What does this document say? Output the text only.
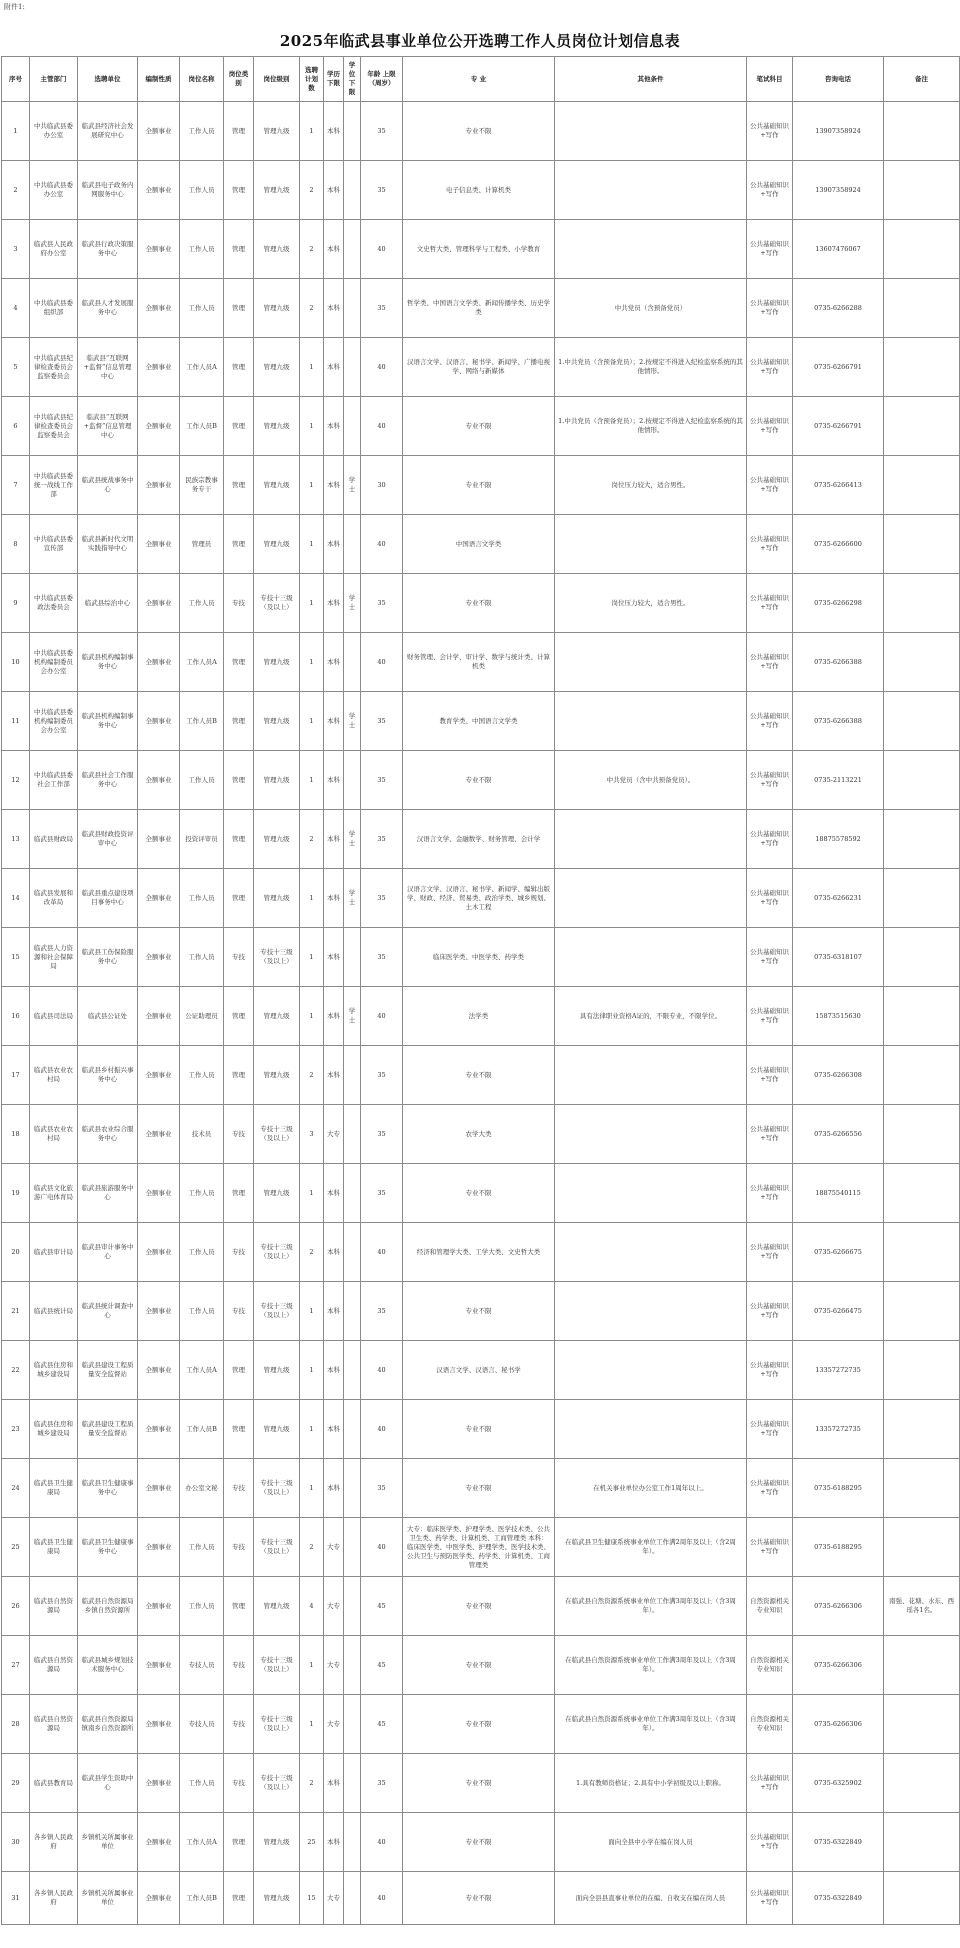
附件1:
2025年临武县事业单位公开选聘工作人员岗位计划信息表
序号	主管部门	选聘单位	编制性质	岗位名称	岗位类别	岗位级别	选聘计划数	学历下限	学位下限	年龄 上限（周岁）	专 业	其他条件	笔试科目	咨询电话	备注
1	中共临武县委办公室	临武县经济社会发展研究中心	全额事业	工作人员	管理	管理九级	1	本科		35	专业不限		公共基础知识+写作	13907358924	
2	中共临武县委办公室	临武县电子政务内网服务中心	全额事业	工作人员	管理	管理九级	2	本科		35	电子信息类、计算机类		公共基础知识+写作	13907358924	
3	临武县人民政府办公室	临武县行政决策服务中心	全额事业	工作人员	管理	管理九级	2	本科		40	文史哲大类、管理科学与工程类、小学教育		公共基础知识+写作	13607476067	
4	中共临武县委组织部	临武县人才发展服务中心	全额事业	工作人员	管理	管理九级	2	本科		35	哲学类、中国语言文学类、新闻传播学类、历史学类	中共党员（含预备党员）	公共基础知识+写作	0735-6266288	
5	中共临武县纪律检查委员会监察委员会	临武县“互联网+监督”信息管理中心	全额事业	工作人员A	管理	管理九级	1	本科		40	汉语言文学、汉语言、秘书学、新闻学、广播电视学、网络与新媒体	1.中共党员（含预备党员）；2.按规定不得进入纪检监察系统的其他情形。	公共基础知识+写作	0735-6266791	
6	中共临武县纪律检查委员会监察委员会	临武县“互联网+监督”信息管理中心	全额事业	工作人员B	管理	管理九级	1	本科		40	专业不限	1.中共党员（含预备党员）；2.按规定不得进入纪检监察系统的其他情形。	公共基础知识+写作	0735-6266791	
7	中共临武县委统一战线工作部	临武县统战事务中心	全额事业	民族宗教事务专干	管理	管理九级	1	本科	学士	30	专业不限	岗位压力较大，适合男性。	公共基础知识+写作	0735-6266413	
8	中共临武县委宣传部	临武县新时代文明实践指导中心	全额事业	管理员	管理	管理九级	1	本科		40	中国语言文学类		公共基础知识+写作	0735-6266600	
9	中共临武县委政法委员会	临武县综治中心	全额事业	工作人员	专技	专技十三级（及以上）	1	本科	学士	35	专业不限	岗位压力较大，适合男性。	公共基础知识+写作	0735-6266298	
10	中共临武县委机构编制委员会办公室	临武县机构编制事务中心	全额事业	工作人员A	管理	管理九级	1	本科		40	财务管理、会计学、审计学、数学与统计类、计算机类		公共基础知识+写作	0735-6266388	
11	中共临武县委机构编制委员会办公室	临武县机构编制事务中心	全额事业	工作人员B	管理	管理九级	1	本科	学士	35	教育学类、中国语言文学类		公共基础知识+写作	0735-6266388	
12	中共临武县委社会工作部	临武县社会工作服务中心	全额事业	工作人员	管理	管理九级	1	本科		35	专业不限	中共党员（含中共预备党员）。	公共基础知识+写作	0735-2113221	
13	临武县财政局	临武县财政投资评审中心	全额事业	投资评审员	管理	管理九级	2	本科	学士	35	汉语言文学、金融数学、财务管理、会计学		公共基础知识+写作	18875578592	
14	临武县发展和改革局	临武县重点建设项目事务中心	全额事业	工作人员	管理	管理九级	1	本科	学士	35	汉语言文学、汉语言、秘书学、新闻学、编辑出版学、财政、经济、贸易类、政治学类、城乡规划、土木工程		公共基础知识+写作	0735-6266231	
15	临武县人力资源和社会保障局	临武县工伤保险服务中心	全额事业	工作人员	专技	专技十三级（及以上）	1	本科		35	临床医学类、中医学类、药学类		公共基础知识+写作	0735-6318107	
16	临武县司法局	临武县公证处	全额事业	公证助理员	管理	管理九级	1	本科	学士	40	法学类	具有法律职业资格A证的，不限专业，不限学位。	公共基础知识+写作	15873515630	
17	临武县农业农村局	临武县乡村振兴事务中心	全额事业	工作人员	管理	管理九级	2	本科		35	专业不限		公共基础知识+写作	0735-6266308	
18	临武县农业农村局	临武县农业综合服务中心	全额事业	技术员	专技	专技十三级（及以上）	3	大专		35	农学大类		公共基础知识+写作	0735-6266556	
19	临武县文化旅游广电体育局	临武县旅游服务中心	全额事业	工作人员	管理	管理九级	1	本科		35	专业不限		公共基础知识+写作	18875540115	
20	临武县审计局	临武县审计事务中心	全额事业	工作人员	专技	专技十三级（及以上）	2	本科		40	经济和管理学大类、工学大类、文史哲大类		公共基础知识+写作	0735-6266675	
21	临武县统计局	临武县统计调查中心	全额事业	工作人员	专技	专技十三级（及以上）	1	本科		35	专业不限		公共基础知识+写作	0735-6266475	
22	临武县住房和城乡建设局	临武县建设工程质量安全监督站	全额事业	工作人员A	管理	管理九级	1	本科		40	汉语言文学、汉语言、秘书学		公共基础知识+写作	13357272735	
23	临武县住房和城乡建设局	临武县建设工程质量安全监督站	全额事业	工作人员B	管理	管理九级	1	本科		40	专业不限		公共基础知识+写作	13357272735	
24	临武县卫生健康局	临武县卫生健康事务中心	全额事业	办公室文秘	专技	专技十三级（及以上）	1	本科		35	专业不限	在机关事业单位办公室工作1周年以上。	公共基础知识+写作	0735-6188295	
25	临武县卫生健康局	临武县卫生健康事务中心	全额事业	工作人员	专技	专技十三级（及以上）	2	大专		40	大专：临床医学类、护理学类、医学技术类、公共卫生类、药学类、计算机类、工商管理类 本科：临床医学类、中医学类、护理学类、医学技术类、公共卫生与预防医学类、药学类、计算机类、工商管理类	在临武县卫生健康系统事业单位工作满2周年及以上（含2周年）。	公共基础知识+写作	0735-6188295	
26	临武县自然资源局	临武县自然资源局乡镇自然资源所	全额事业	工作人员	管理	管理九级	4	大专		45	专业不限	在临武县自然资源系统事业单位工作满3周年及以上（含3周年）。	自然资源相关专业知识	0735-6266306	南强、花塘、水东、西瑶各1名。
27	临武县自然资源局	临武县城乡规划技术服务中心	全额事业	专技人员	专技	专技十三级（及以上）	1	大专		45	专业不限	在临武县自然资源系统事业单位工作满3周年及以上（含3周年）。	自然资源相关专业知识	0735-6266306	
28	临武县自然资源局	临武县自然资源局镇南乡自然资源所	全额事业	专技人员	专技	专技十三级（及以上）	1	大专		45	专业不限	在临武县自然资源系统事业单位工作满3周年及以上（含3周年）。	自然资源相关专业知识	0735-6266306	
29	临武县教育局	临武县学生资助中心	全额事业	工作人员	专技	专技十三级（及以上）	2	本科		35	专业不限	1.具有教师资格证；2.具有中小学初级及以上职称。	公共基础知识+写作	0735-6325902	
30	各乡镇人民政府	乡镇机关所属事业单位	全额事业	工作人员A	管理	管理九级	25	本科		40	专业不限	面向全县中小学在编在岗人员	公共基础知识+写作	0735-6322849	
31	各乡镇人民政府	乡镇机关所属事业单位	全额事业	工作人员B	管理	管理九级	15	大专		40	专业不限	面向全县县直事业单位的在编、自收支在编在岗人员	公共基础知识+写作	0735-6322849	
